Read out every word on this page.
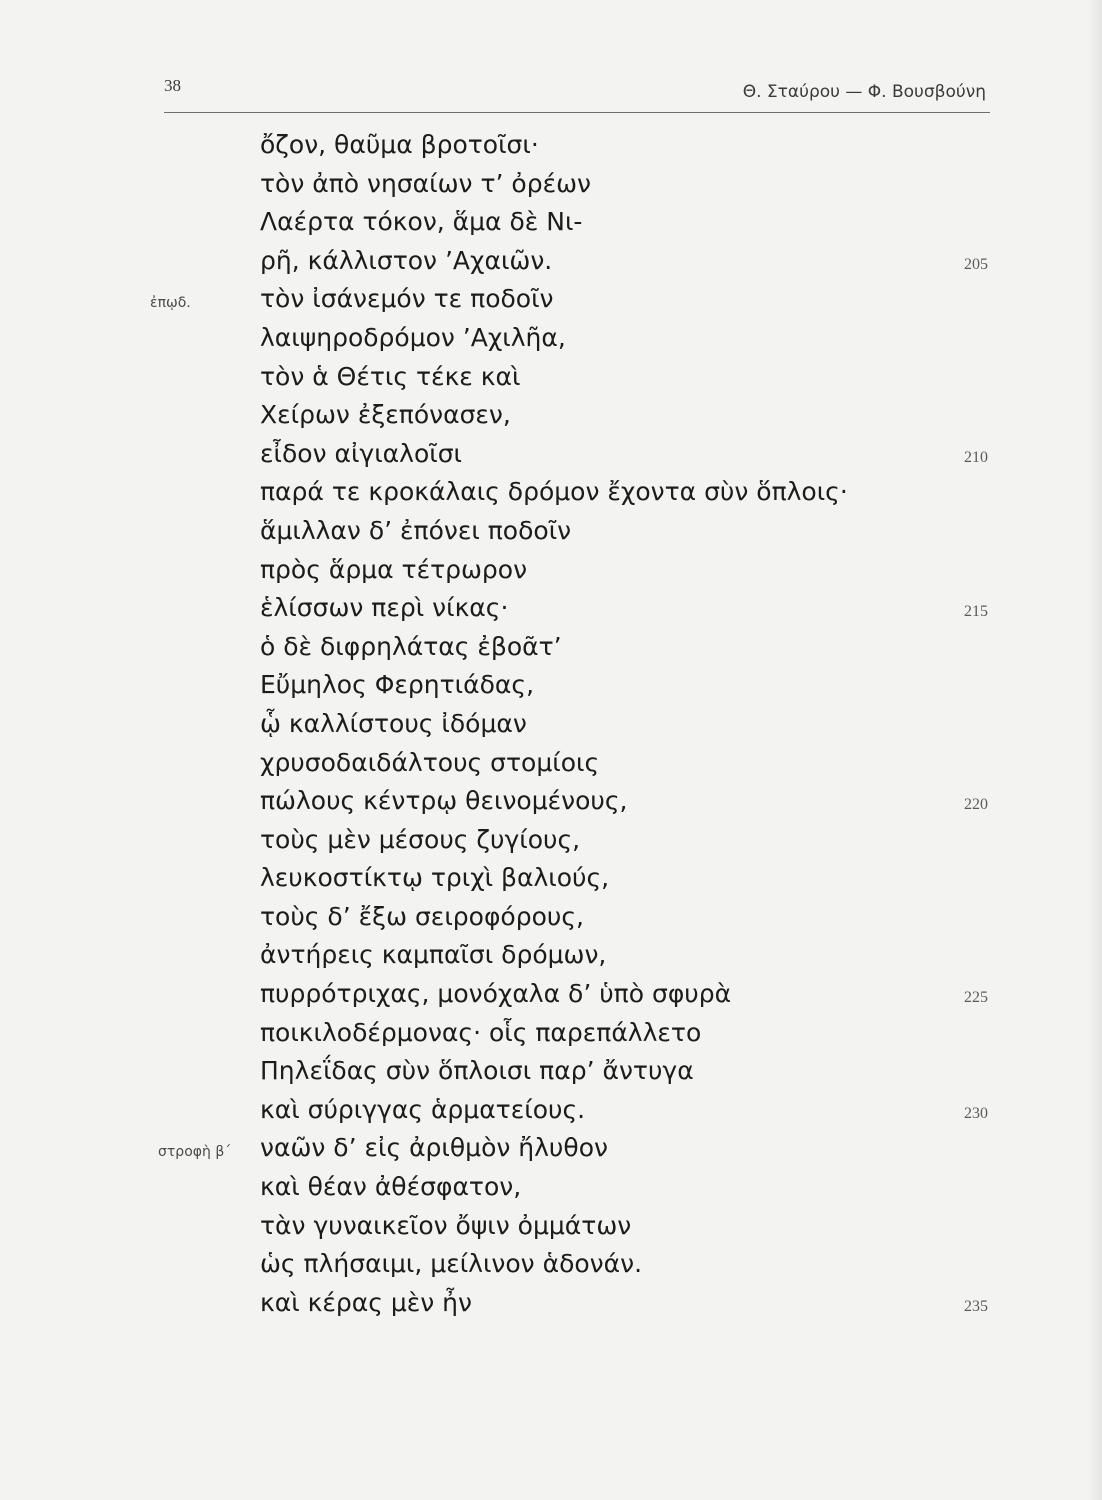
38	Θ. Σταύρου — Φ. Βουσβούνη
ὄζον, θαῦμα βροτοῖσι·
τὸν ἀπὸ νησαίων τ’ ὀρέων
Λαέρτα τόκον, ἅμα δὲ Νι-
ρῆ, κάλλιστον ’Αχαιῶν.	205
ἐπῳδ.	τὸν ἰσάνεμόν τε ποδοῖν
λαιψηροδρόμον ’Αχιλῆα,
τὸν ἁ Θέτις τέκε καὶ
Χείρων ἐξεπόνασεν,
εἶδον αἰγιαλοῖσι	210
παρά τε κροκάλαις δρόμον ἔχοντα σὺν ὅπλοις·
ἅμιλλαν δ’ ἐπόνει ποδοῖν
πρὸς ἅρμα τέτρωρον
ἑλίσσων περὶ νίκας·	215
ὁ δὲ διφρηλάτας ἐβοᾶτ’
Εὔμηλος Φερητιάδας,
ᾧ καλλίστους ἰδόμαν
χρυσοδαιδάλτους στομίοις
πώλους κέντρῳ θεινομένους,	220
τοὺς μὲν μέσους ζυγίους,
λευκοστίκτῳ τριχὶ βαλιούς,
τοὺς δ’ ἔξω σειροφόρους,
ἀντήρεις καμπαῖσι δρόμων,
πυρρότριχας, μονόχαλα δ’ ὑπὸ σφυρὰ	225
ποικιλοδέρμονας· οἷς παρεπάλλετο
Πηλεΐδας σὺν ὅπλοισι παρ’ ἄντυγα
καὶ σύριγγας ἁρματείους.	230
στροφὴ β΄ ναῶν δ’ εἰς ἀριθμὸν ἤλυθον
καὶ θέαν ἀθέσφατον,
τὰν γυναικεῖον ὄψιν ὀμμάτων
ὡς πλήσαιμι, μείλινον ἁδονάν.
καὶ κέρας μὲν ἦν	235
